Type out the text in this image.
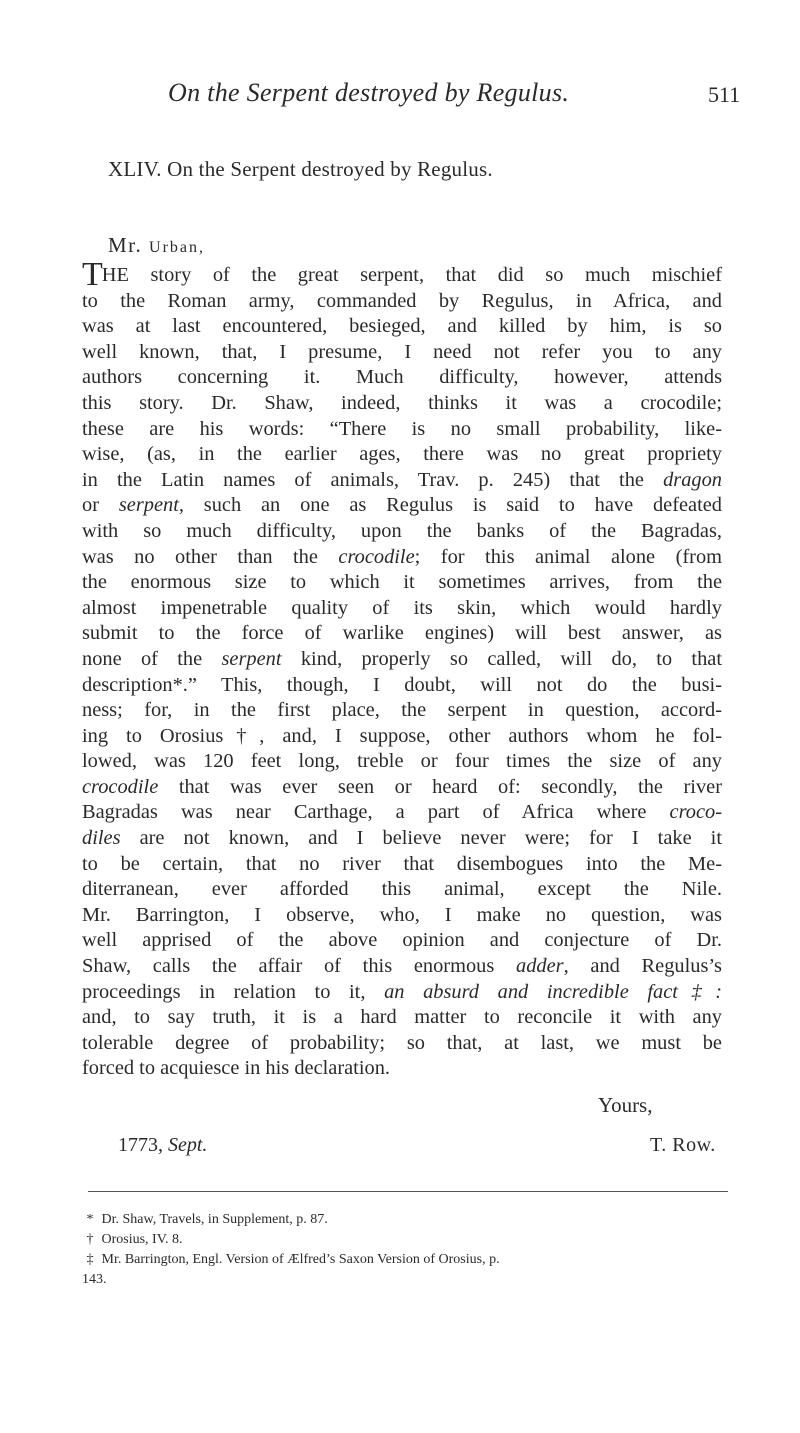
On the Serpent destroyed by Regulus.	511
XLIV. On the Serpent destroyed by Regulus.
Mr. Urban,
THE story of the great serpent, that did so much mischief
to the Roman army, commanded by Regulus, in Africa, and
was at last encountered, besieged, and killed by him, is so
well known, that, I presume, I need not refer you to any
authors concerning it. Much difficulty, however, attends
this story. Dr. Shaw, indeed, thinks it was a crocodile;
these are his words: “There is no small probability, like-
wise, (as, in the earlier ages, there was no great propriety
in the Latin names of animals, Trav. p. 245) that the dragon
or serpent, such an one as Regulus is said to have defeated
with so much difficulty, upon the banks of the Bagradas,
was no other than the crocodile; for this animal alone (from
the enormous size to which it sometimes arrives, from the
almost impenetrable quality of its skin, which would hardly
submit to the force of warlike engines) will best answer, as
none of the serpent kind, properly so called, will do, to that
description*.” This, though, I doubt, will not do the busi-
ness; for, in the first place, the serpent in question, accord-
ing to Orosius†, and, I suppose, other authors whom he fol-
lowed, was 120 feet long, treble or four times the size of any
crocodile that was ever seen or heard of: secondly, the river
Bagradas was near Carthage, a part of Africa where croco-
diles are not known, and I believe never were; for I take it
to be certain, that no river that disembogues into the Me-
diterranean, ever afforded this animal, except the Nile.
Mr. Barrington, I observe, who, I make no question, was
well apprised of the above opinion and conjecture of Dr.
Shaw, calls the affair of this enormous adder, and Regulus’s
proceedings in relation to it, an absurd and incredible fact‡:
and, to say truth, it is a hard matter to reconcile it with any
tolerable degree of probability; so that, at last, we must be
forced to acquiesce in his declaration.
Yours,
1773, Sept.	T. Row.
* Dr. Shaw, Travels, in Supplement, p. 87.
† Orosius, IV. 8.
‡ Mr. Barrington, Engl. Version of Ælfred’s Saxon Version of Orosius, p.
143.
